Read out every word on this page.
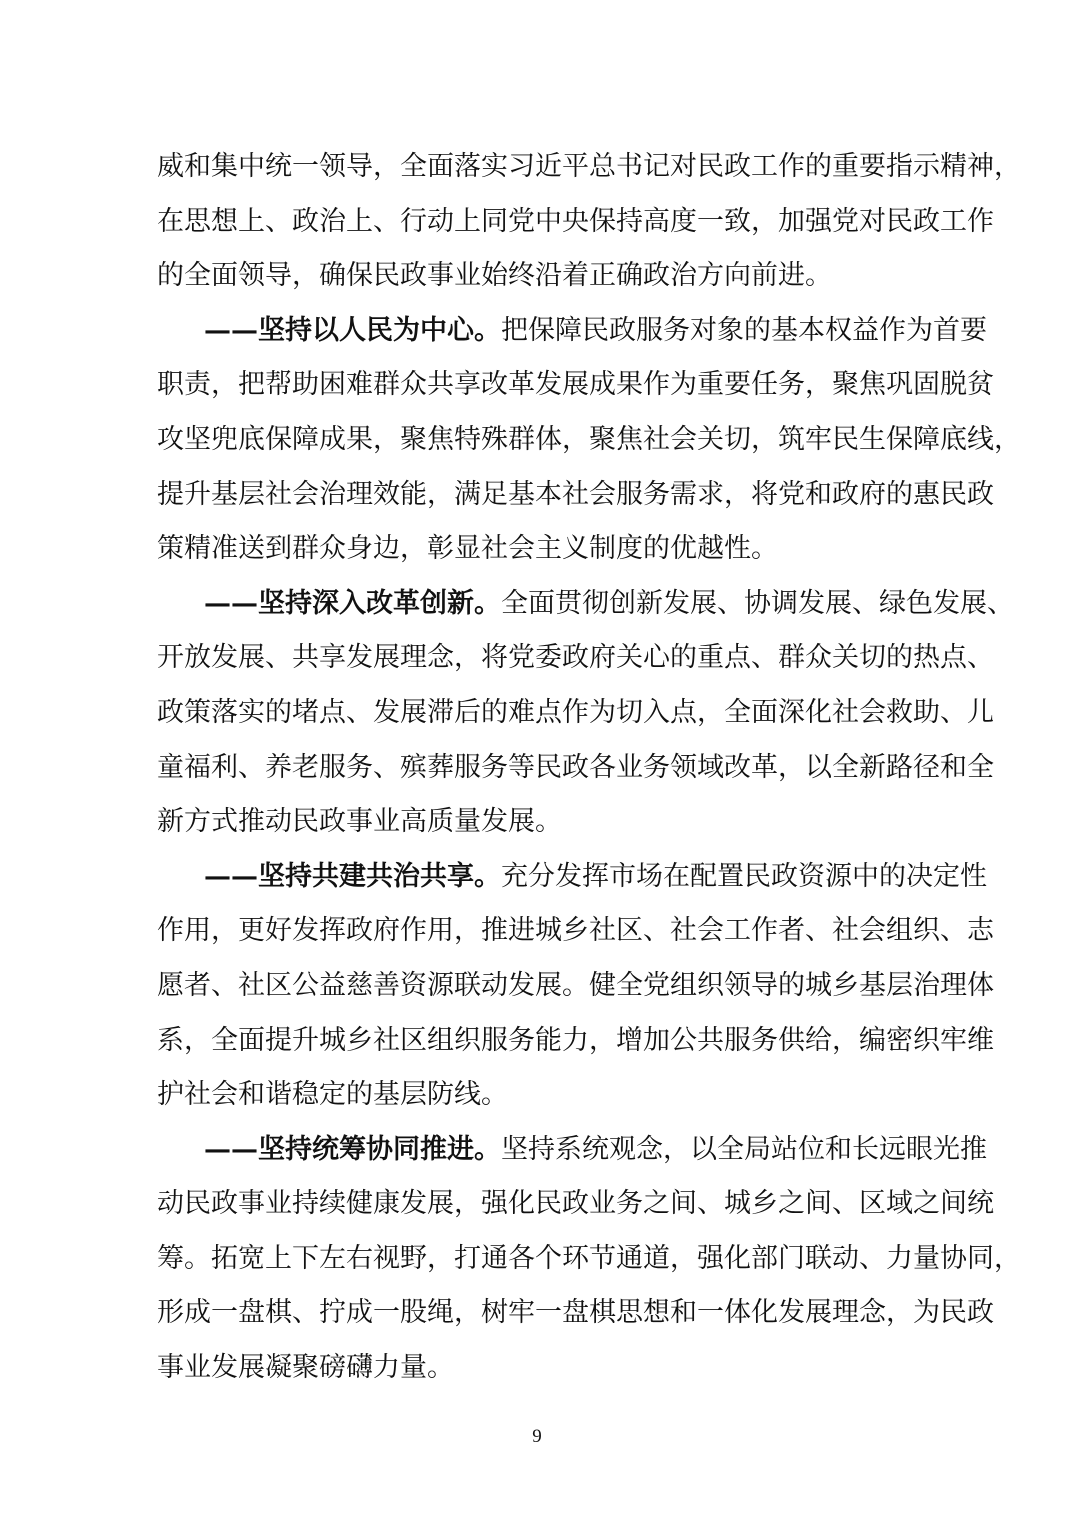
威和集中统一领导，全面落实习近平总书记对民政工作的重要指示精神，
在思想上、政治上、行动上同党中央保持高度一致，加强党对民政工作
的全面领导，确保民政事业始终沿着正确政治方向前进。
——坚持以人民为中心。把保障民政服务对象的基本权益作为首要
职责，把帮助困难群众共享改革发展成果作为重要任务，聚焦巩固脱贫
攻坚兜底保障成果，聚焦特殊群体，聚焦社会关切，筑牢民生保障底线，
提升基层社会治理效能，满足基本社会服务需求，将党和政府的惠民政
策精准送到群众身边，彰显社会主义制度的优越性。
——坚持深入改革创新。全面贯彻创新发展、协调发展、绿色发展、
开放发展、共享发展理念，将党委政府关心的重点、群众关切的热点、
政策落实的堵点、发展滞后的难点作为切入点，全面深化社会救助、儿
童福利、养老服务、殡葬服务等民政各业务领域改革，以全新路径和全
新方式推动民政事业高质量发展。
——坚持共建共治共享。充分发挥市场在配置民政资源中的决定性
作用，更好发挥政府作用，推进城乡社区、社会工作者、社会组织、志
愿者、社区公益慈善资源联动发展。健全党组织领导的城乡基层治理体
系，全面提升城乡社区组织服务能力，增加公共服务供给，编密织牢维
护社会和谐稳定的基层防线。
——坚持统筹协同推进。坚持系统观念，以全局站位和长远眼光推
动民政事业持续健康发展，强化民政业务之间、城乡之间、区域之间统
筹。拓宽上下左右视野，打通各个环节通道，强化部门联动、力量协同，
形成一盘棋、拧成一股绳，树牢一盘棋思想和一体化发展理念，为民政
事业发展凝聚磅礴力量。
9
